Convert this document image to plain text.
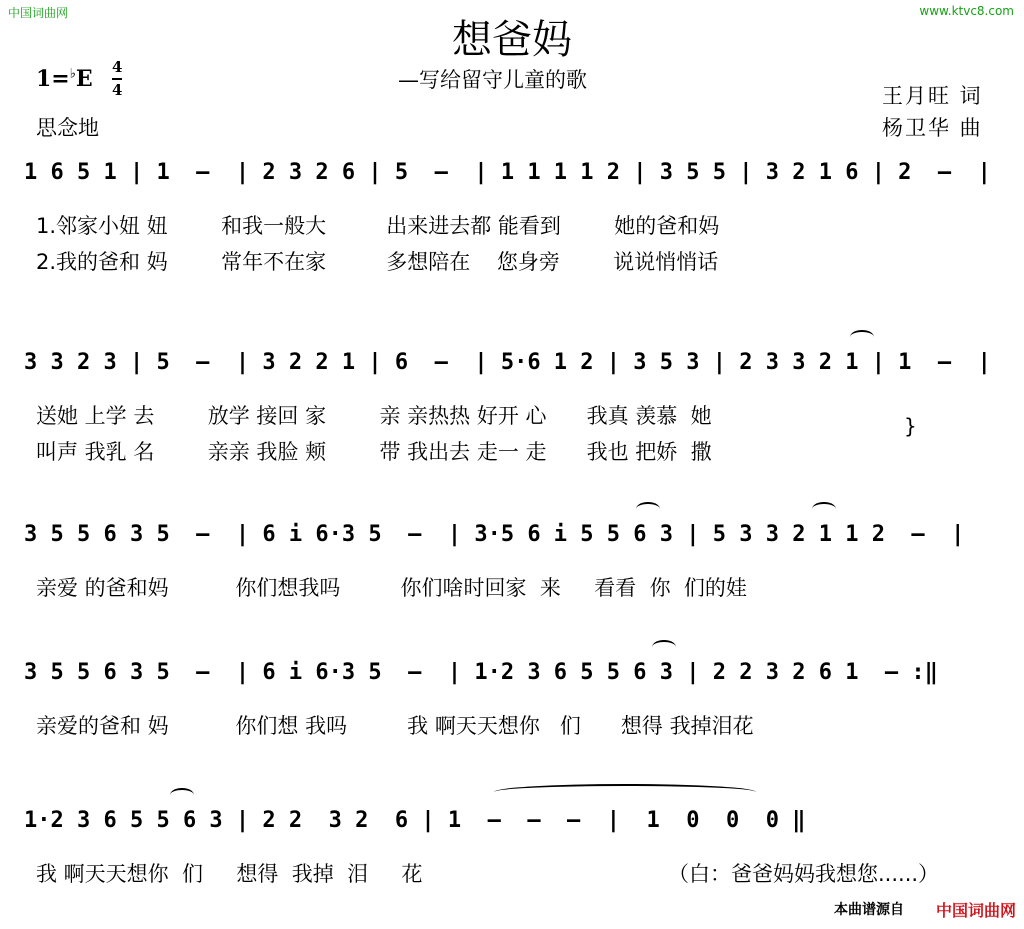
中国词曲网	www.ktvc8.com
想爸妈
—写给留守儿童的歌
1=♭E 4
4
思念地
王月旺 词
杨卫华 曲
1 6 5 1 | 1  –  | 2 3 2 6 | 5  –  | 1 1 1 1 2 | 3 5 5 | 3 2 1 6 | 2  –  |
1.邻家小妞 妞        和我一般大         出来进去都 能看到        她的爸和妈
2.我的爸和 妈        常年不在家         多想陪在    您身旁        说说悄悄话
3 3 2 3 | 5  –  | 3 2 2 1 | 6  –  | 5·6 1 2 | 3 5 3 | 2 3 3 2 1 | 1  –  |
送她 上学 去        放学 接回 家        亲 亲热热 好开 心      我真 羡慕  她
叫声 我乳 名        亲亲 我脸 颊        带 我出去 走一 走      我也 把娇  撒
}
3 5 5 6 3 5  –  | 6 i 6·3 5  –  | 3·5 6 i 5 5 6 3 | 5 3 3 2 1 1 2  –  |
亲爱 的爸和妈          你们想我吗         你们啥时回家  来     看看  你  们的娃
3 5 5 6 3 5  –  | 6 i 6·3 5  –  | 1·2 3 6 5 5 6 3 | 2 2 3 2 6 1  – :‖
亲爱的爸和 妈          你们想 我吗         我 啊天天想你   们      想得 我掉泪花
1·2 3 6 5 5 6 3 | 2 2  3 2  6 | 1  –  –  –  |  1  0  0  0 ‖
我 啊天天想你  们     想得  我掉  泪     花	（白：爸爸妈妈我想您......）
本曲谱源自 中国词曲网
